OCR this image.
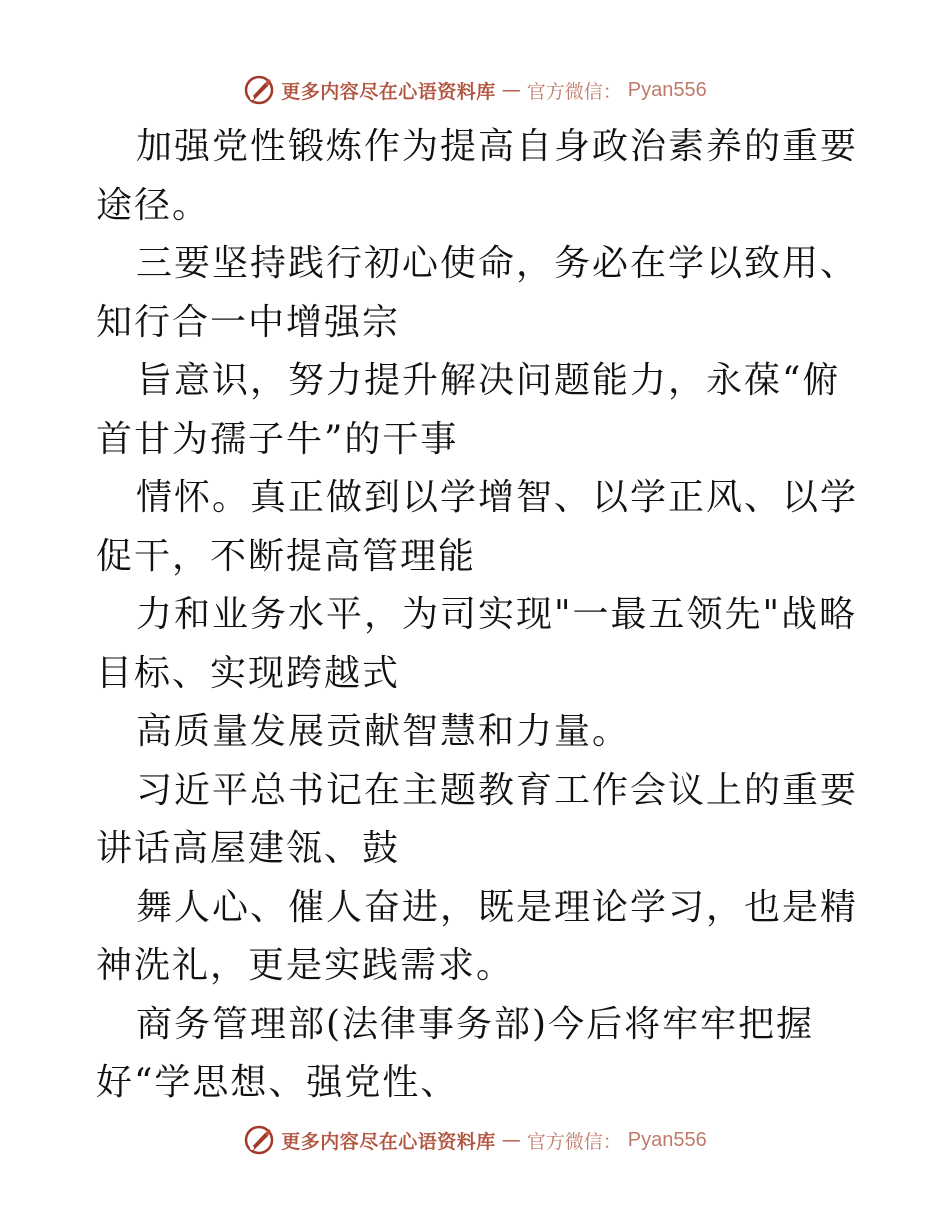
更多内容尽在心语资料库 — 官方微信： Pyan556

加强党性锻炼作为提高自身政治素养的重要途径。

三要坚持践行初心使命，务必在学以致用、知行合一中增强宗

旨意识，努力提升解决问题能力，永葆“俯首甘为孺子牛”的干事

情怀。真正做到以学增智、以学正风、以学促干，不断提高管理能

力和业务水平，为司实现"一最五领先"战略目标、实现跨越式

高质量发展贡献智慧和力量。

习近平总书记在主题教育工作会议上的重要讲话高屋建瓴、鼓

舞人心、催人奋进，既是理论学习，也是精神洗礼，更是实践需求。

商务管理部(法律事务部)今后将牢牢把握好“学思想、强党性、

更多内容尽在心语资料库 — 官方微信： Pyan556
